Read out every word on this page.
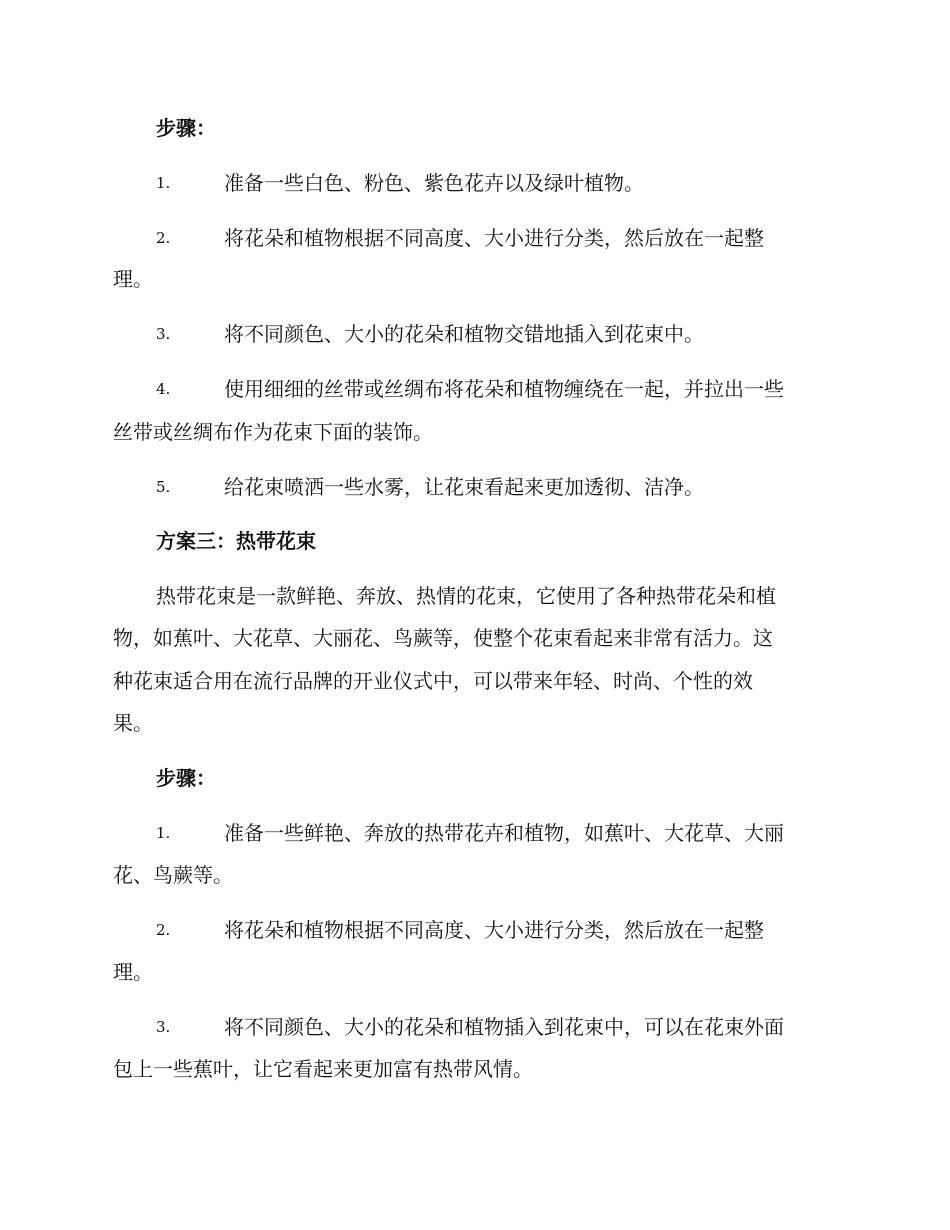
步骤：
1.	准备一些白色、粉色、紫色花卉以及绿叶植物。
2.	将花朵和植物根据不同高度、大小进行分类，然后放在一起整
理。
3.	将不同颜色、大小的花朵和植物交错地插入到花束中。
4.	使用细细的丝带或丝绸布将花朵和植物缠绕在一起，并拉出一些
丝带或丝绸布作为花束下面的装饰。
5.	给花束喷洒一些水雾，让花束看起来更加透彻、洁净。
方案三：热带花束
热带花束是一款鲜艳、奔放、热情的花束，它使用了各种热带花朵和植
物，如蕉叶、大花草、大丽花、鸟蕨等，使整个花束看起来非常有活力。这
种花束适合用在流行品牌的开业仪式中，可以带来年轻、时尚、个性的效
果。
步骤：
1.	准备一些鲜艳、奔放的热带花卉和植物，如蕉叶、大花草、大丽
花、鸟蕨等。
2.	将花朵和植物根据不同高度、大小进行分类，然后放在一起整
理。
3.	将不同颜色、大小的花朵和植物插入到花束中，可以在花束外面
包上一些蕉叶，让它看起来更加富有热带风情。
